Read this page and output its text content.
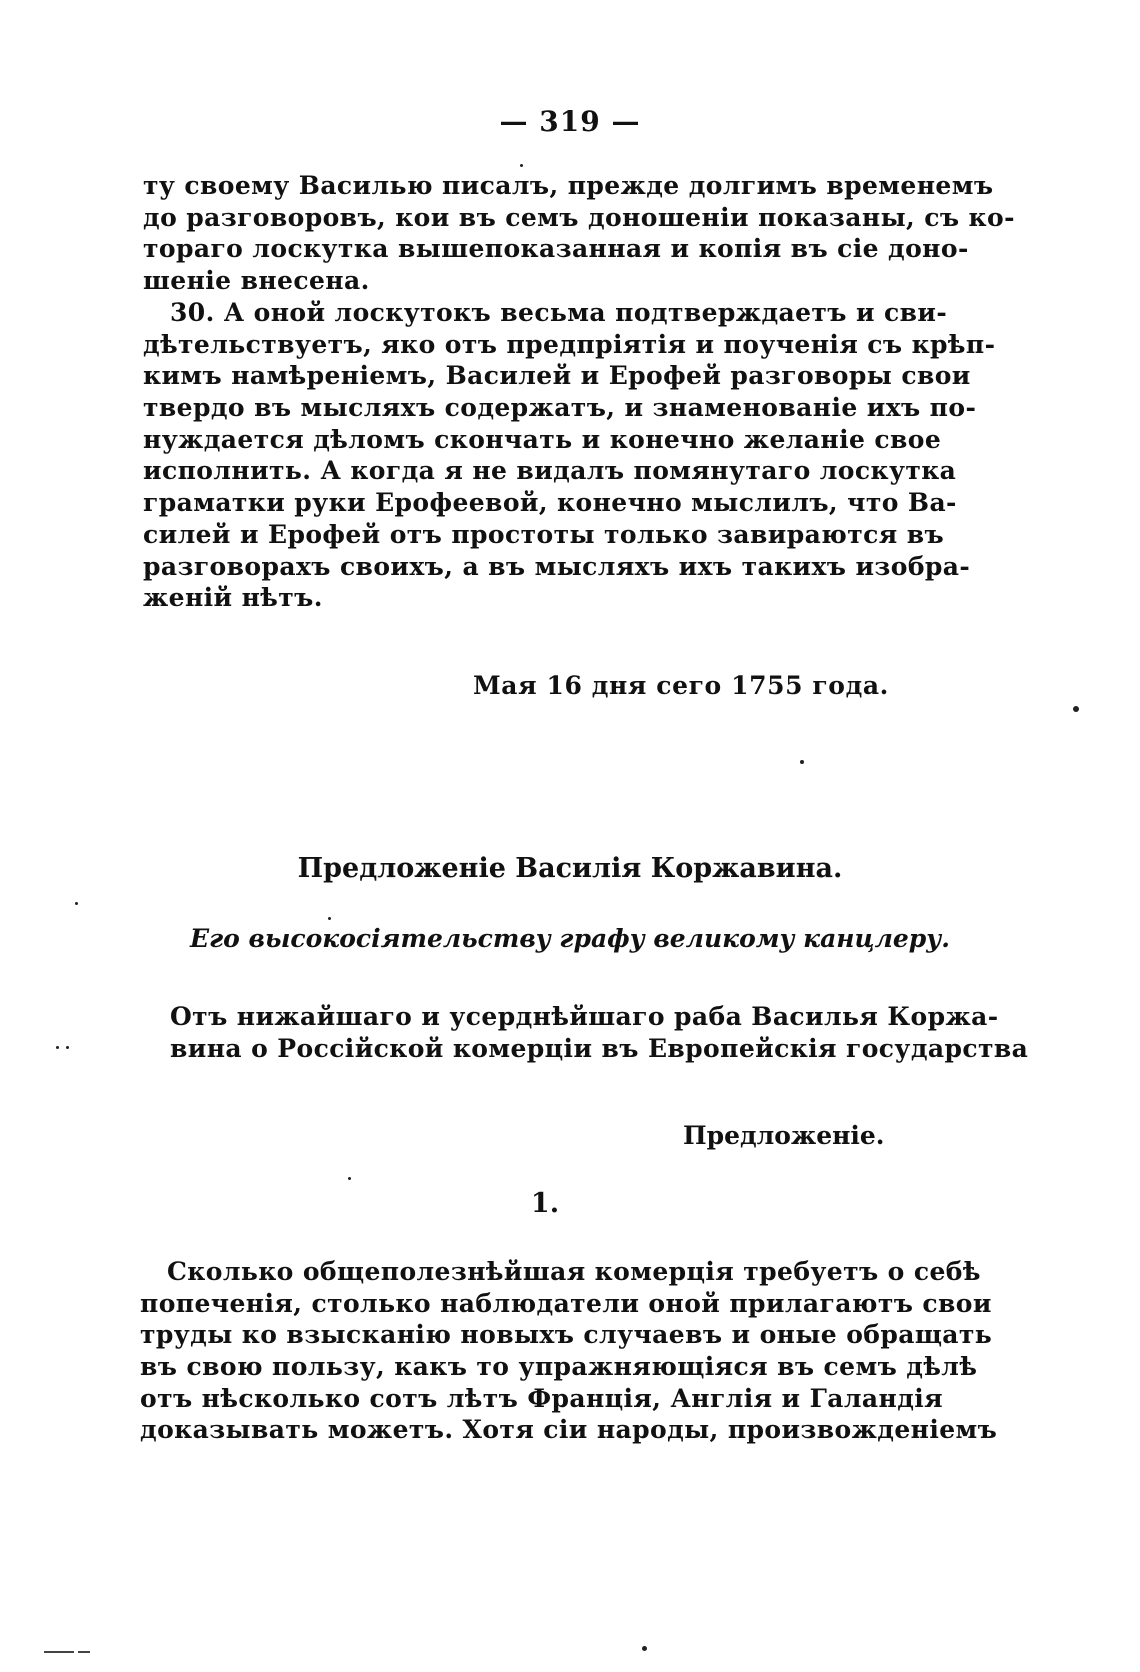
— 319 —
ту своему Василью писалъ, прежде долгимъ временемъ
до разговоровъ, кои въ семъ доношеніи показаны, съ ко-
тораго лоскутка вышепоказанная и копія въ сіе доно-
шеніе внесена.
30. А оной лоскутокъ весьма подтверждаетъ и сви-
дѣтельствуетъ, яко отъ предпріятія и поученія съ крѣп-
кимъ намѣреніемъ, Василей и Ерофей разговоры свои
твердо въ мысляхъ содержатъ, и знаменованіе ихъ по-
нуждается дѣломъ скончать и конечно желаніе свое
исполнить. А когда я не видалъ помянутаго лоскутка
граматки руки Ерофеевой, конечно мыслилъ, что Ва-
силей и Ерофей отъ простоты только завираются въ
разговорахъ своихъ, а въ мысляхъ ихъ такихъ изобра-
женій нѣтъ.
Мая 16 дня сего 1755 года.
Предложеніе Василія Коржавина.
Его высокосіятельству графу великому канцлеру.
Отъ нижайшаго и усерднѣйшаго раба Василья Коржа-
вина о Россійской комерціи въ Европейскія государства
Предложеніе.
1.
Сколько общеполезнѣйшая комерція требуетъ о себѣ
попеченія, столько наблюдатели оной прилагаютъ свои
труды ко взысканію новыхъ случаевъ и оные обращать
въ свою пользу, какъ то упражняющіяся въ семъ дѣлѣ
отъ нѣсколько сотъ лѣтъ Франція, Англія и Галандія
доказывать можетъ. Хотя сіи народы, произвожденіемъ
